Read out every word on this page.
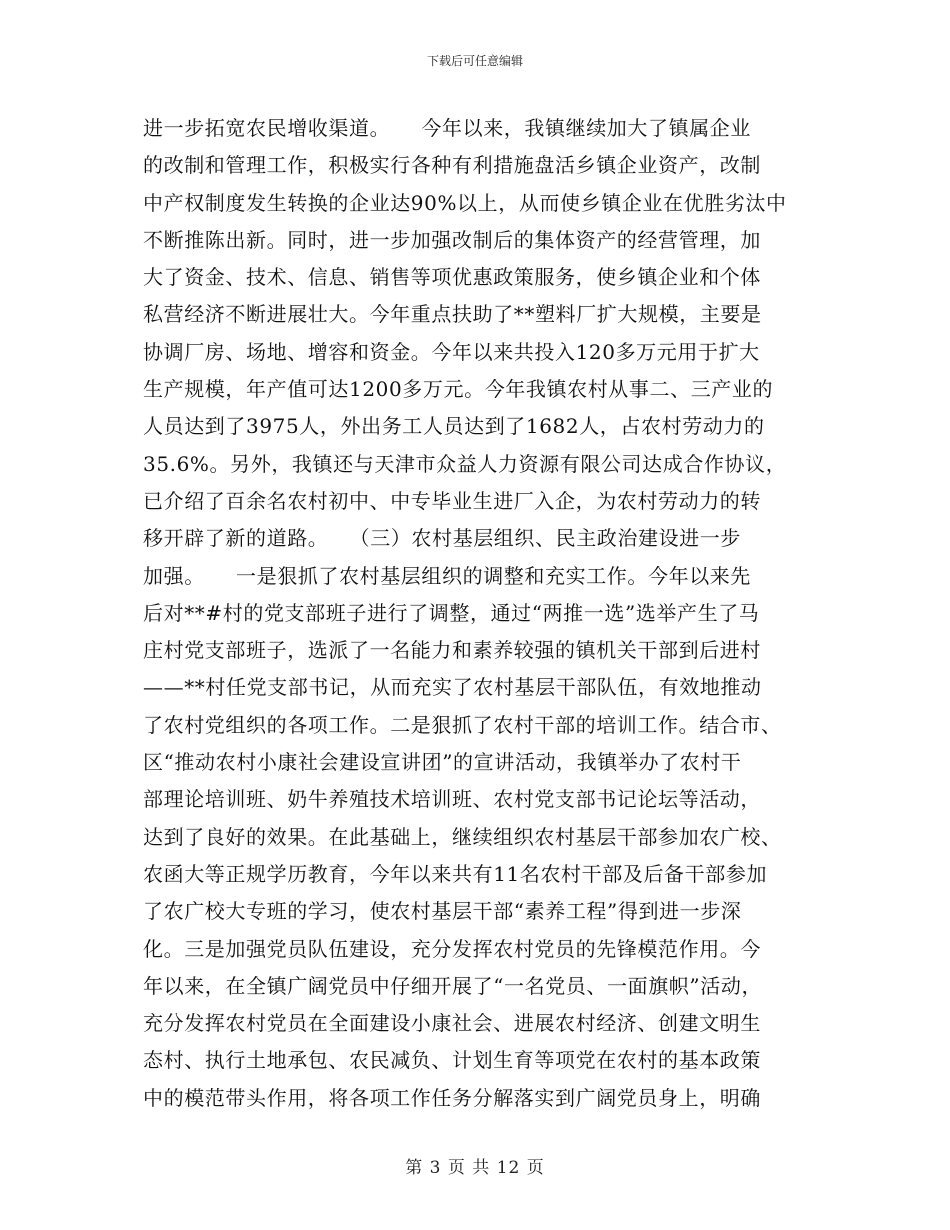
下载后可任意编辑
进一步拓宽农民增收渠道。　　今年以来，我镇继续加大了镇属企业
的改制和管理工作，积极实行各种有利措施盘活乡镇企业资产，改制
中产权制度发生转换的企业达90%以上，从而使乡镇企业在优胜劣汰中
不断推陈出新。同时，进一步加强改制后的集体资产的经营管理，加
大了资金、技术、信息、销售等项优惠政策服务，使乡镇企业和个体
私营经济不断进展壮大。今年重点扶助了**塑料厂扩大规模，主要是
协调厂房、场地、增容和资金。今年以来共投入120多万元用于扩大
生产规模，年产值可达1200多万元。今年我镇农村从事二、三产业的
人员达到了3975人，外出务工人员达到了1682人，占农村劳动力的
35.6%。另外，我镇还与天津市众益人力资源有限公司达成合作协议，
已介绍了百余名农村初中、中专毕业生进厂入企，为农村劳动力的转
移开辟了新的道路。　　（三）农村基层组织、民主政治建设进一步
加强。　　一是狠抓了农村基层组织的调整和充实工作。今年以来先
后对**#村的党支部班子进行了调整，通过“两推一选”选举产生了马
庄村党支部班子，选派了一名能力和素养较强的镇机关干部到后进村
——**村任党支部书记，从而充实了农村基层干部队伍，有效地推动
了农村党组织的各项工作。二是狠抓了农村干部的培训工作。结合市、
区“推动农村小康社会建设宣讲团”的宣讲活动，我镇举办了农村干
部理论培训班、奶牛养殖技术培训班、农村党支部书记论坛等活动，
达到了良好的效果。在此基础上，继续组织农村基层干部参加农广校、
农函大等正规学历教育，今年以来共有11名农村干部及后备干部参加
了农广校大专班的学习，使农村基层干部“素养工程”得到进一步深
化。三是加强党员队伍建设，充分发挥农村党员的先锋模范作用。今
年以来，在全镇广阔党员中仔细开展了“一名党员、一面旗帜”活动，
充分发挥农村党员在全面建设小康社会、进展农村经济、创建文明生
态村、执行土地承包、农民减负、计划生育等项党在农村的基本政策
中的模范带头作用，将各项工作任务分解落实到广阔党员身上，明确
第 3 页 共 12 页
